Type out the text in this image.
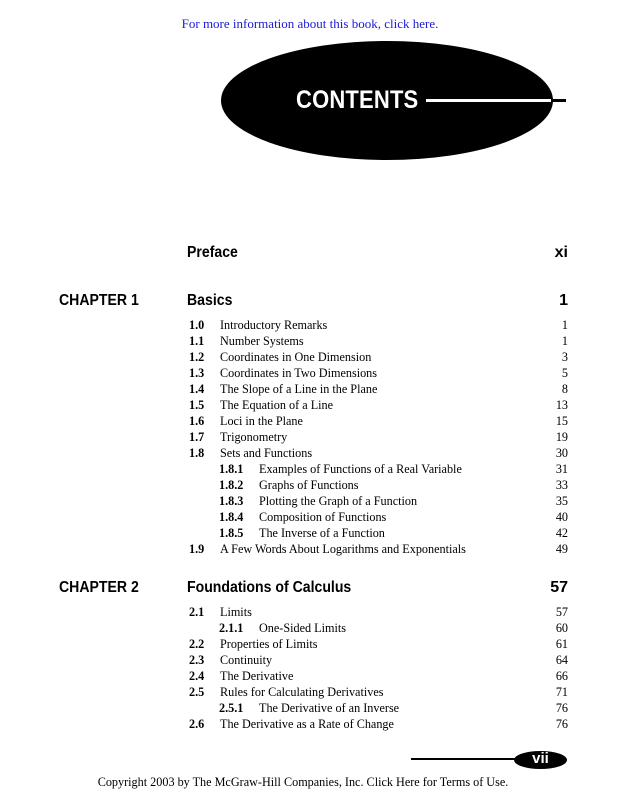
For more information about this book, click here.
CONTENTS
Preface	xi
CHAPTER 1	Basics	1
1.0 Introductory Remarks	1
1.1 Number Systems	1
1.2 Coordinates in One Dimension	3
1.3 Coordinates in Two Dimensions	5
1.4 The Slope of a Line in the Plane	8
1.5 The Equation of a Line	13
1.6 Loci in the Plane	15
1.7 Trigonometry	19
1.8 Sets and Functions	30
1.8.1 Examples of Functions of a Real Variable	31
1.8.2 Graphs of Functions	33
1.8.3 Plotting the Graph of a Function	35
1.8.4 Composition of Functions	40
1.8.5 The Inverse of a Function	42
1.9 A Few Words About Logarithms and Exponentials	49
CHAPTER 2	Foundations of Calculus	57
2.1 Limits	57
2.1.1 One-Sided Limits	60
2.2 Properties of Limits	61
2.3 Continuity	64
2.4 The Derivative	66
2.5 Rules for Calculating Derivatives	71
2.5.1 The Derivative of an Inverse	76
2.6 The Derivative as a Rate of Change	76
vii
Copyright 2003 by The McGraw-Hill Companies, Inc. Click Here for Terms of Use.
